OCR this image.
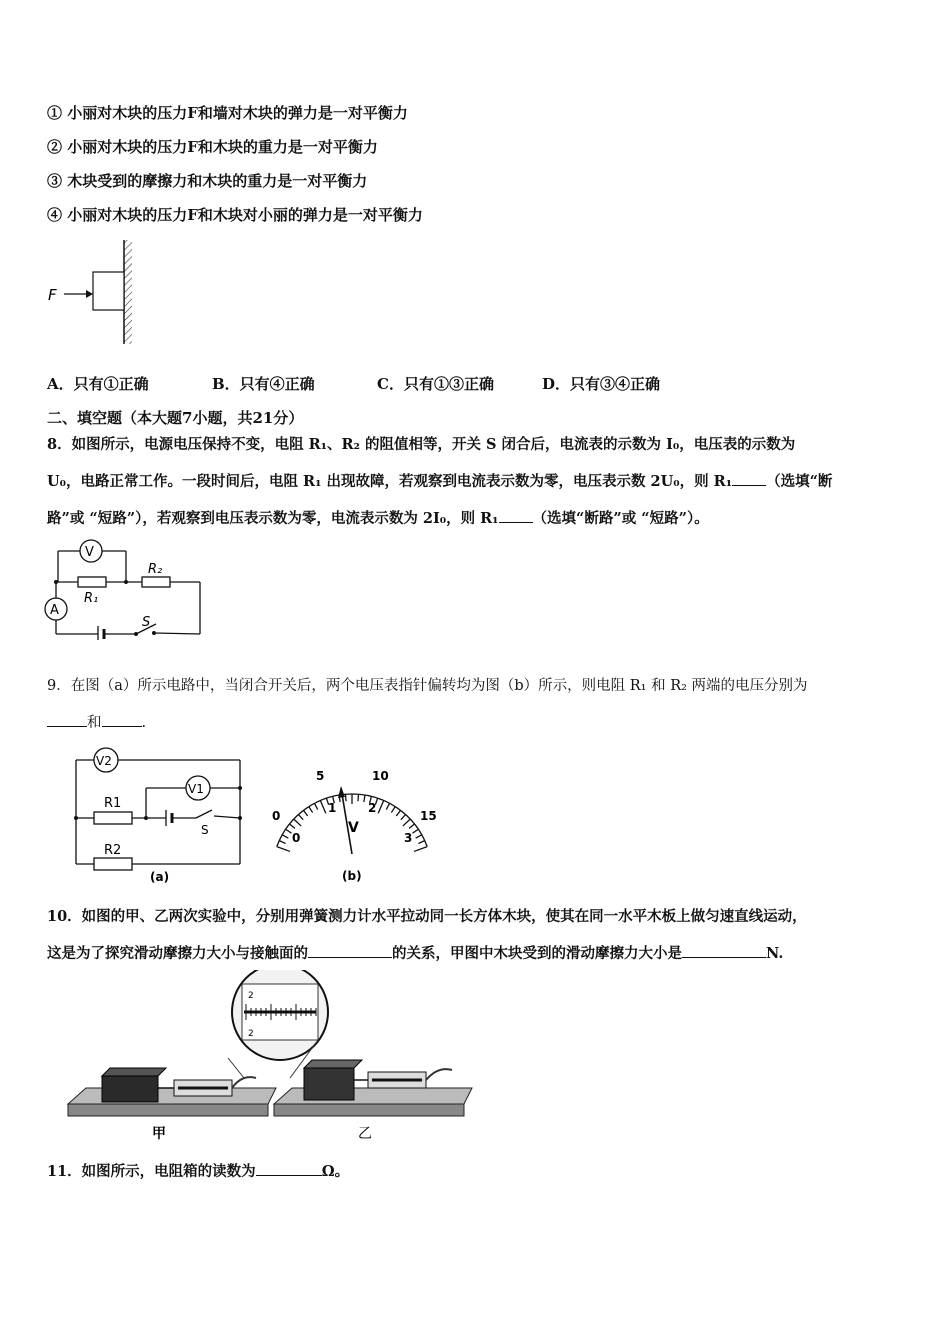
① 小丽对木块的压力F和墙对木块的弹力是一对平衡力
② 小丽对木块的压力F和木块的重力是一对平衡力
③ 木块受到的摩擦力和木块的重力是一对平衡力
④ 小丽对木块的压力F和木块对小丽的弹力是一对平衡力
F
A．只有①正确	B．只有④正确	C．只有①③正确	D．只有③④正确
二、填空题（本大题7小题，共21分）
8．如图所示，电源电压保持不变，电阻 R₁、R₂ 的阻值相等，开关 S 闭合后，电流表的示数为 I₀，电压表的示数为
U₀，电路正常工作。一段时间后，电阻 R₁ 出现故障，若观察到电流表示数为零，电压表示数 2U₀，则 R₁ （选填“断
路”或 “短路”），若观察到电压表示数为零，电流表示数为 2I₀，则 R₁ （选填“断路”或 “短路”）。
V
A
R₁
R₂
S
9．在图（a）所示电路中，当闭合开关后，两个电压表指针偏转均为图（b）所示，则电阻 R₁ 和 R₂ 两端的电压分别为
和	.
V2
V1
R1
R2
S
(a)
0
5	10
15
0
1	2
3
V
(b)
10．如图的甲、乙两次实验中，分别用弹簧测力计水平拉动同一长方体木块，使其在同一水平木板上做匀速直线运动，
这是为了探究滑动摩擦力大小与接触面的	的关系，甲图中木块受到的滑动摩擦力大小是	N.
2
2
甲	乙
11．如图所示，电阻箱的读数为	Ω。
